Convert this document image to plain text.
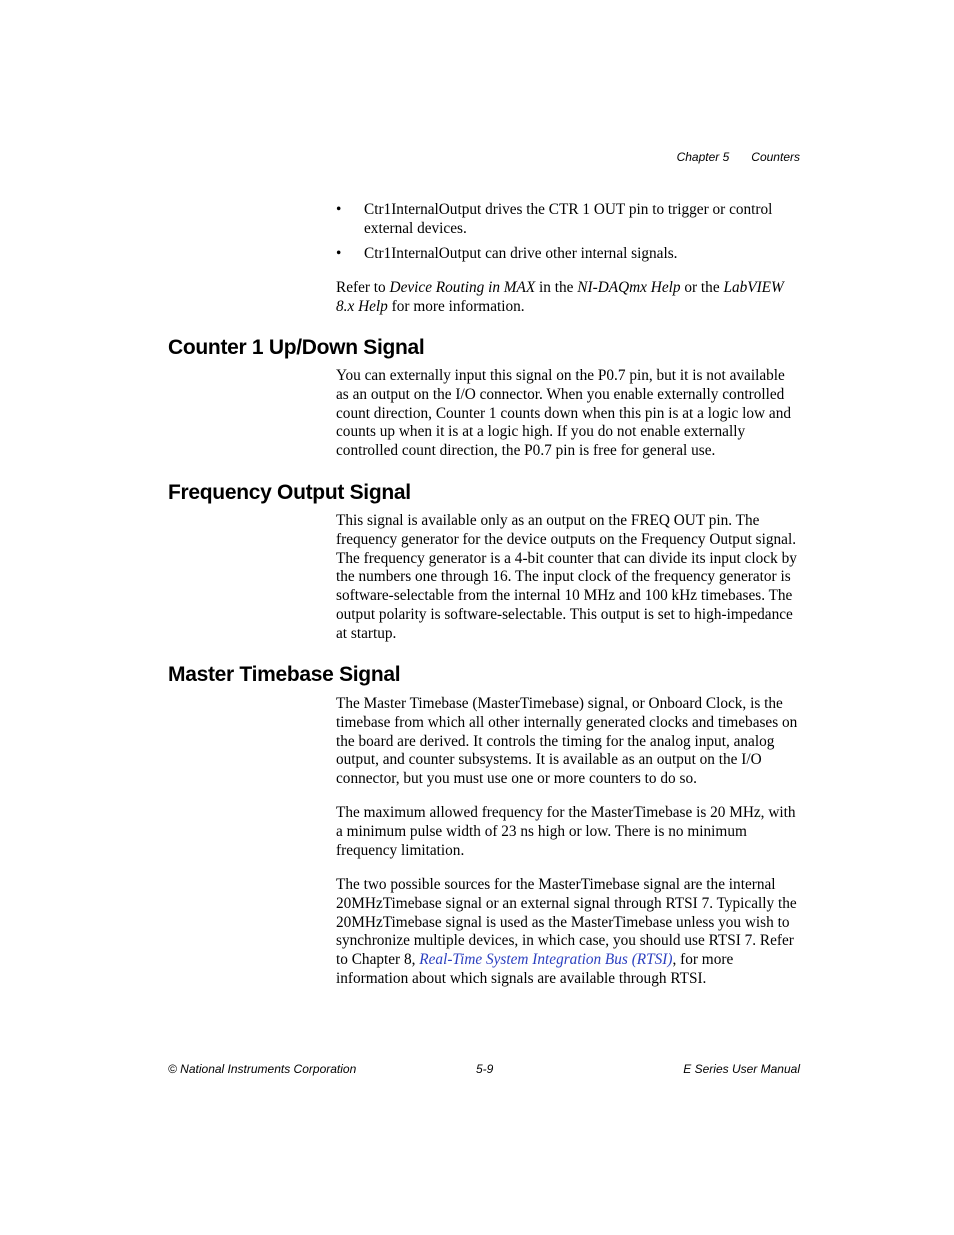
Chapter 5 Counters
• Ctr1InternalOutput drives the CTR 1 OUT pin to trigger or control external devices.
• Ctr1InternalOutput can drive other internal signals.

Refer to Device Routing in MAX in the NI-DAQmx Help or the LabVIEW 8.x Help for more information.

Counter 1 Up/Down Signal

You can externally input this signal on the P0.7 pin, but it is not available as an output on the I/O connector. When you enable externally controlled count direction, Counter 1 counts down when this pin is at a logic low and counts up when it is at a logic high. If you do not enable externally controlled count direction, the P0.7 pin is free for general use.

Frequency Output Signal

This signal is available only as an output on the FREQ OUT pin. The frequency generator for the device outputs on the Frequency Output signal. The frequency generator is a 4-bit counter that can divide its input clock by the numbers one through 16. The input clock of the frequency generator is software-selectable from the internal 10 MHz and 100 kHz timebases. The output polarity is software-selectable. This output is set to high-impedance at startup.

Master Timebase Signal

The Master Timebase (MasterTimebase) signal, or Onboard Clock, is the timebase from which all other internally generated clocks and timebases on the board are derived. It controls the timing for the analog input, analog output, and counter subsystems. It is available as an output on the I/O connector, but you must use one or more counters to do so.

The maximum allowed frequency for the MasterTimebase is 20 MHz, with a minimum pulse width of 23 ns high or low. There is no minimum frequency limitation.

The two possible sources for the MasterTimebase signal are the internal 20MHzTimebase signal or an external signal through RTSI 7. Typically the 20MHzTimebase signal is used as the MasterTimebase unless you wish to synchronize multiple devices, in which case, you should use RTSI 7. Refer to Chapter 8, Real-Time System Integration Bus (RTSI), for more information about which signals are available through RTSI.

© National Instruments Corporation	5-9	E Series User Manual
